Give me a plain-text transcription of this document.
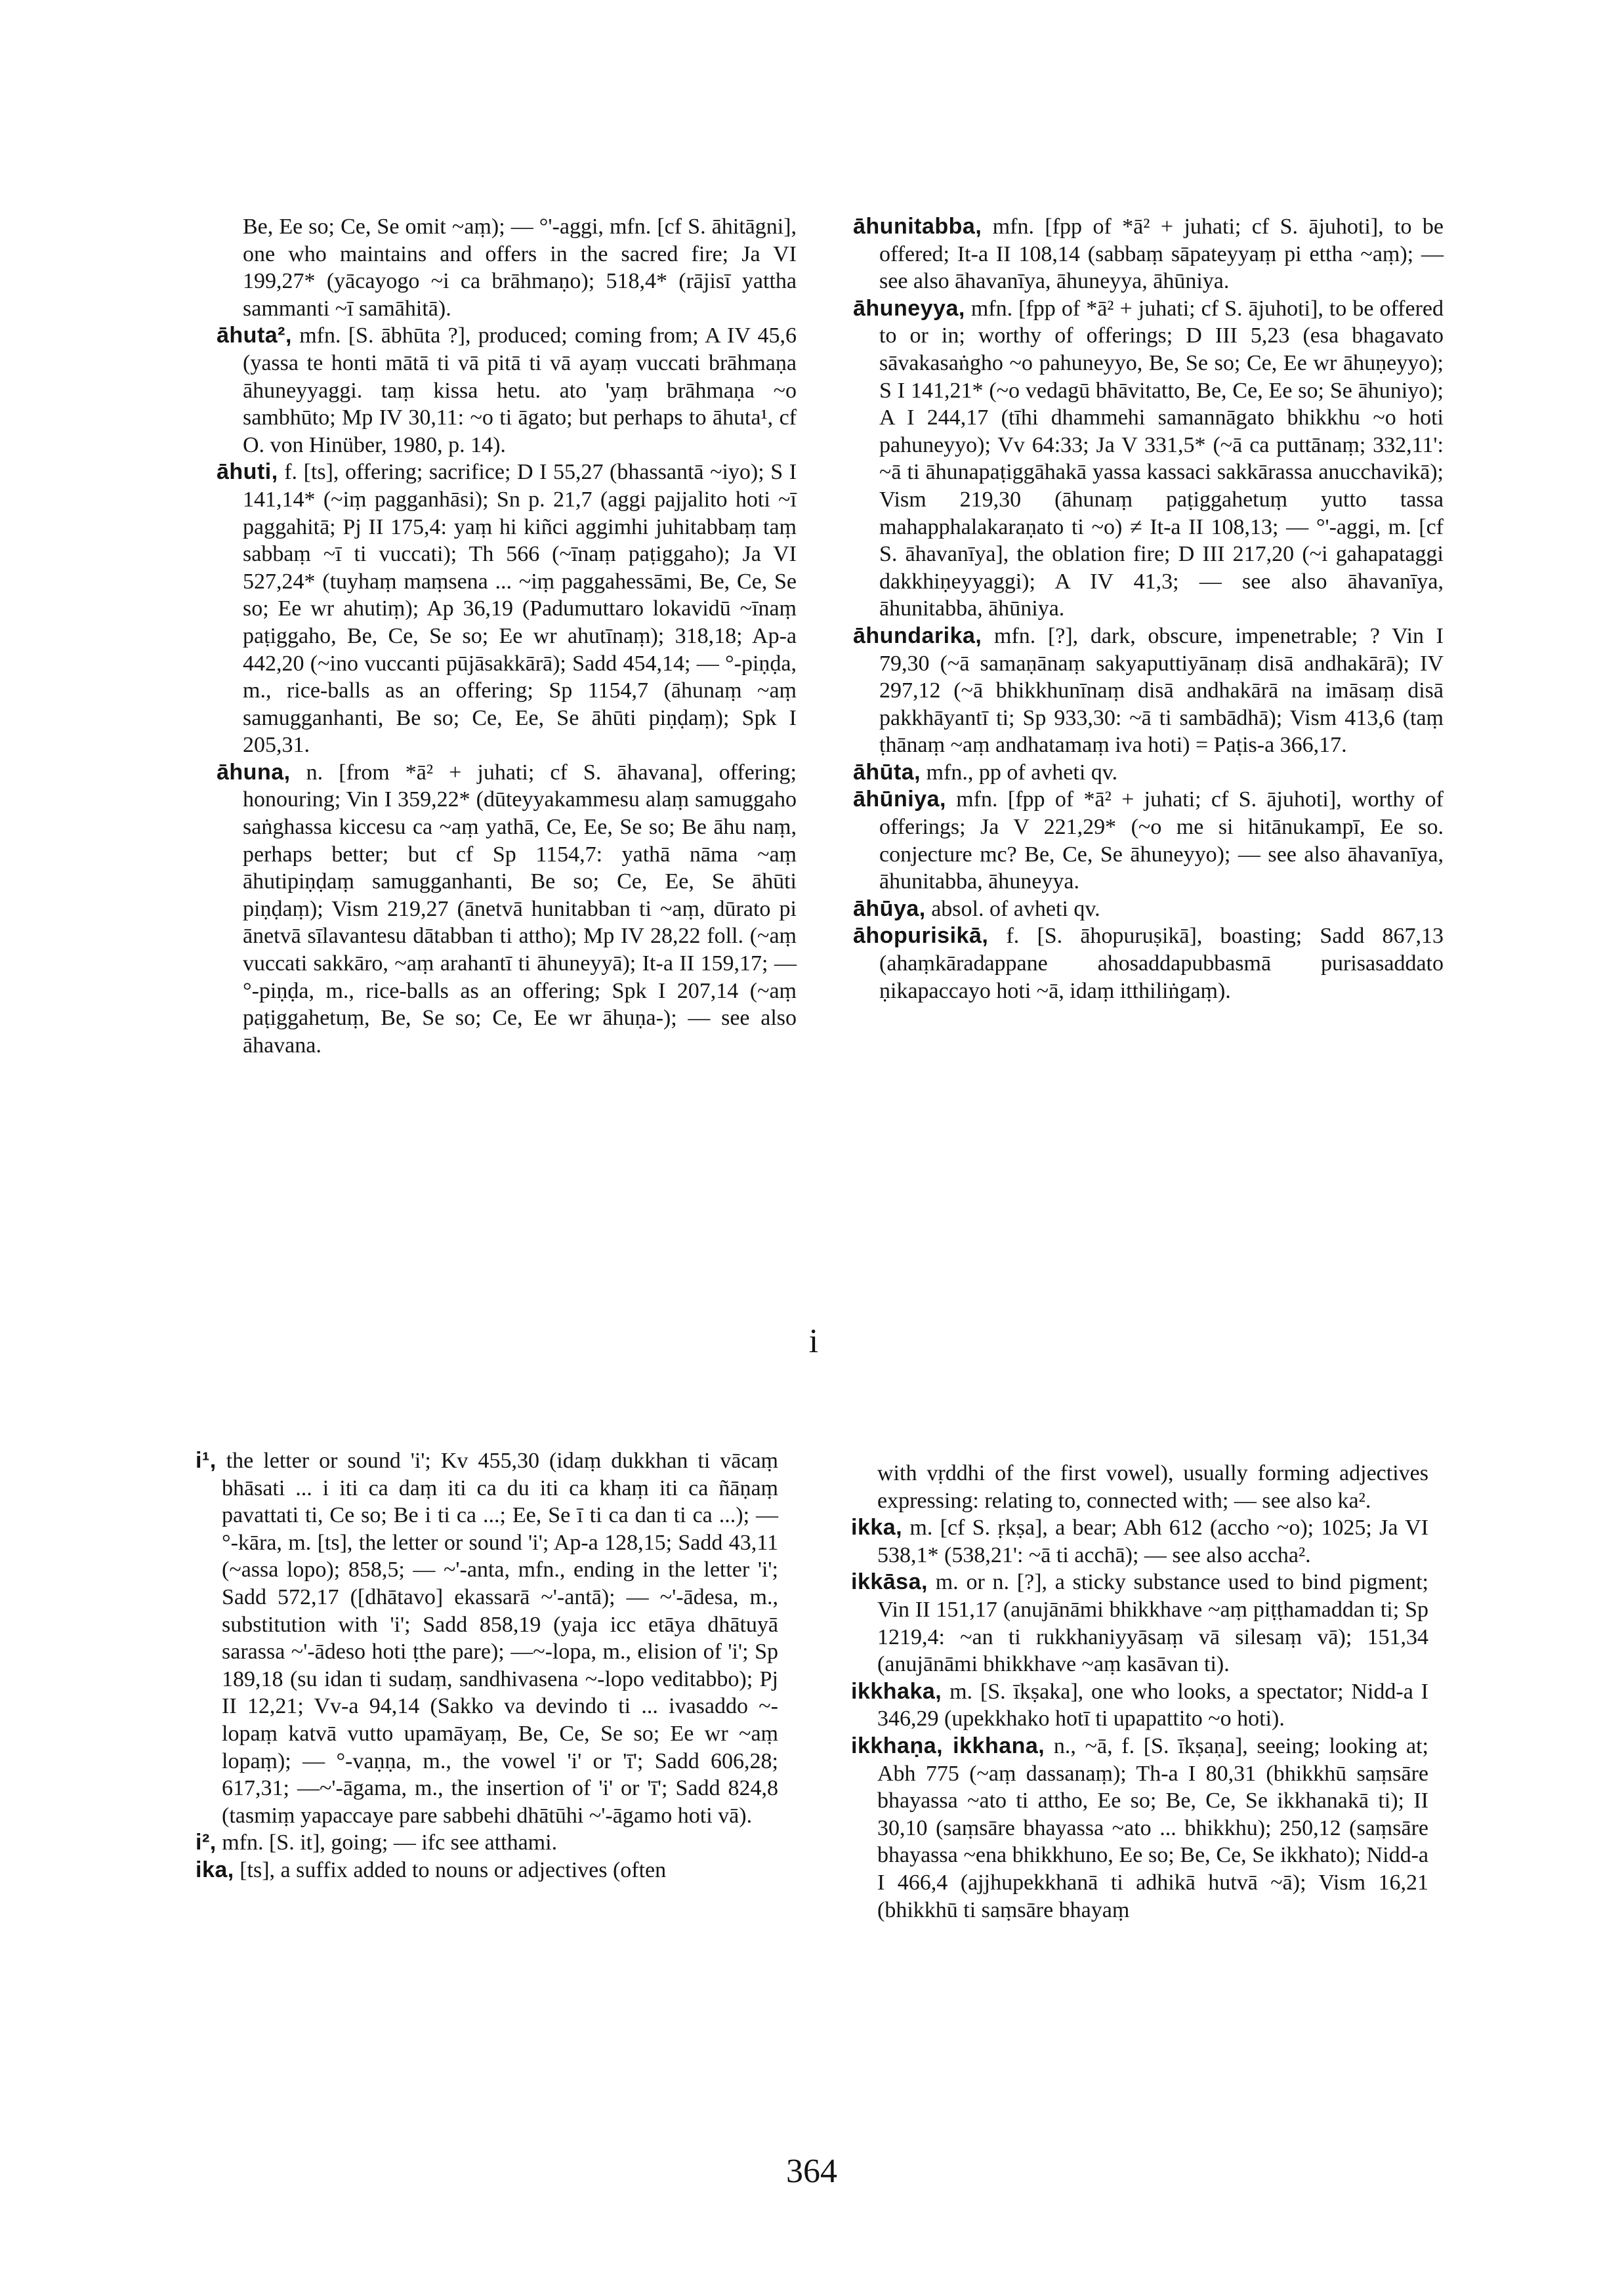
Be, Ee so; Ce, Se omit ~aṃ); — °'-aggi, mfn. [cf S. āhitāgni], one who maintains and offers in the sacred fire; Ja VI 199,27* (yācayogo ~i ca brāhmaṇo); 518,4* (rājisī yattha sammanti ~ī samāhitā).

āhuta², mfn. [S. ābhūta ?], produced; coming from; A IV 45,6 (yassa te honti mātā ti vā pitā ti vā ayaṃ vuccati brāhmaṇa āhuneyyaggi. taṃ kissa hetu. ato 'yaṃ brāhmaṇa ~o sambhūto; Mp IV 30,11: ~o ti āgato; but perhaps to āhuta¹, cf O. von Hinüber, 1980, p. 14).

āhuti, f. [ts], offering; sacrifice; D I 55,27 (bhassantā ~iyo); S I 141,14* (~iṃ pagganhāsi); Sn p. 21,7 (aggi pajjalito hoti ~ī paggahitā; Pj II 175,4: yaṃ hi kiñci aggimhi juhitabbaṃ taṃ sabbaṃ ~ī ti vuccati); Th 566 (~īnaṃ paṭiggaho); Ja VI 527,24* (tuyhaṃ maṃsena ... ~iṃ paggahessāmi, Be, Ce, Se so; Ee wr ahutiṃ); Ap 36,19 (Padumuttaro lokavidū ~īnaṃ paṭiggaho, Be, Ce, Se so; Ee wr ahutīnaṃ); 318,18; Ap-a 442,20 (~ino vuccanti pūjāsakkārā); Sadd 454,14; — °-piṇḍa, m., rice-balls as an offering; Sp 1154,7 (āhunaṃ ~aṃ samugganhanti, Be so; Ce, Ee, Se āhūti piṇḍaṃ); Spk I 205,31.

āhuna, n. [from *ā² + juhati; cf S. āhavana], offering; honouring; Vin I 359,22* (dūteyyakammesu alaṃ samuggaho saṅghassa kiccesu ca ~aṃ yathā, Ce, Ee, Se so; Be āhu naṃ, perhaps better; but cf Sp 1154,7: yathā nāma ~aṃ āhutipiṇḍaṃ samugganhanti, Be so; Ce, Ee, Se āhūti piṇḍaṃ); Vism 219,27 (ānetvā hunitabban ti ~aṃ, dūrato pi ānetvā sīlavantesu dātabban ti attho); Mp IV 28,22 foll. (~aṃ vuccati sakkāro, ~aṃ arahantī ti āhuneyyā); It-a II 159,17; — °-piṇḍa, m., rice-balls as an offering; Spk I 207,14 (~aṃ paṭiggahetuṃ, Be, Se so; Ce, Ee wr āhuṇa-); — see also āhavana.

āhunitabba, mfn. [fpp of *ā² + juhati; cf S. ājuhoti], to be offered; It-a II 108,14 (sabbaṃ sāpateyyaṃ pi ettha ~aṃ); — see also āhavanīya, āhuneyya, āhūniya.

āhuneyya, mfn. [fpp of *ā² + juhati; cf S. ājuhoti], to be offered to or in; worthy of offerings; D III 5,23 (esa bhagavato sāvakasaṅgho ~o pahuneyyo, Be, Se so; Ce, Ee wr āhuṇeyyo); S I 141,21* (~o vedagū bhāvitatto, Be, Ce, Ee so; Se āhuniyo); A I 244,17 (tīhi dhammehi samannāgato bhikkhu ~o hoti pahuneyyo); Vv 64:33; Ja V 331,5* (~ā ca puttānaṃ; 332,11': ~ā ti āhunapaṭiggāhakā yassa kassaci sakkārassa anucchavikā); Vism 219,30 (āhunaṃ paṭiggahetuṃ yutto tassa mahapphalakaraṇato ti ~o) ≠ It-a II 108,13; — °'-aggi, m. [cf S. āhavanīya], the oblation fire; D III 217,20 (~i gahapataggi dakkhiṇeyyaggi); A IV 41,3; — see also āhavanīya, āhunitabba, āhūniya.

āhundarika, mfn. [?], dark, obscure, impenetrable; ? Vin I 79,30 (~ā samaṇānaṃ sakyaputtiyānaṃ disā andhakārā); IV 297,12 (~ā bhikkhunīnaṃ disā andhakārā na imāsaṃ disā pakkhāyantī ti; Sp 933,30: ~ā ti sambādhā); Vism 413,6 (taṃ ṭhānaṃ ~aṃ andhatamaṃ iva hoti) = Paṭis-a 366,17.

āhūta, mfn., pp of avheti qv.

āhūniya, mfn. [fpp of *ā² + juhati; cf S. ājuhoti], worthy of offerings; Ja V 221,29* (~o me si hitānukampī, Ee so. conjecture mc? Be, Ce, Se āhuneyyo); — see also āhavanīya, āhunitabba, āhuneyya.

āhūya, absol. of avheti qv.

āhopurisikā, f. [S. āhopuruṣikā], boasting; Sadd 867,13 (ahaṃkāradappane ahosaddapubbasmā purisasaddato ṇikapaccayo hoti ~ā, idaṃ itthiliṅgaṃ).

i

i¹, the letter or sound 'i'; Kv 455,30 (idaṃ dukkhan ti vācaṃ bhāsati ... i iti ca daṃ iti ca du iti ca khaṃ iti ca ñāṇaṃ pavattati ti, Ce so; Be i ti ca ...; Ee, Se ī ti ca dan ti ca ...); — °-kāra, m. [ts], the letter or sound 'i'; Ap-a 128,15; Sadd 43,11 (~assa lopo); 858,5; — ~'-anta, mfn., ending in the letter 'i'; Sadd 572,17 ([dhātavo] ekassarā ~'-antā); — ~'-ādesa, m., substitution with 'i'; Sadd 858,19 (yaja icc etāya dhātuyā sarassa ~'-ādeso hoti ṭthe pare); —~-lopa, m., elision of 'i'; Sp 189,18 (su idan ti sudaṃ, sandhivasena ~-lopo veditabbo); Pj II 12,21; Vv-a 94,14 (Sakko va devindo ti ... ivasaddo ~-lopaṃ katvā vutto upamāyaṃ, Be, Ce, Se so; Ee wr ~aṃ lopaṃ); — °-vaṇṇa, m., the vowel 'i' or 'ī'; Sadd 606,28; 617,31; —~'-āgama, m., the insertion of 'i' or 'ī'; Sadd 824,8 (tasmiṃ yapaccaye pare sabbehi dhātūhi ~'-āgamo hoti vā).

i², mfn. [S. it], going; — ifc see atthami.

ika, [ts], a suffix added to nouns or adjectives (often

with vṛddhi of the first vowel), usually forming adjectives expressing: relating to, connected with; — see also ka².

ikka, m. [cf S. ṛkṣa], a bear; Abh 612 (accho ~o); 1025; Ja VI 538,1* (538,21': ~ā ti acchā); — see also accha².

ikkāsa, m. or n. [?], a sticky substance used to bind pigment; Vin II 151,17 (anujānāmi bhikkhave ~aṃ piṭṭhamaddan ti; Sp 1219,4: ~an ti rukkhaniyyāsaṃ vā silesaṃ vā); 151,34 (anujānāmi bhikkhave ~aṃ kasāvan ti).

ikkhaka, m. [S. īkṣaka], one who looks, a spectator; Nidd-a I 346,29 (upekkhako hotī ti upapattito ~o hoti).

ikkhaṇa, ikkhana, n., ~ā, f. [S. īkṣaṇa], seeing; looking at; Abh 775 (~aṃ dassanaṃ); Th-a I 80,31 (bhikkhū saṃsāre bhayassa ~ato ti attho, Ee so; Be, Ce, Se ikkhanakā ti); II 30,10 (saṃsāre bhayassa ~ato ... bhikkhu); 250,12 (saṃsāre bhayassa ~ena bhikkhuno, Ee so; Be, Ce, Se ikkhato); Nidd-a I 466,4 (ajjhupekkhanā ti adhikā hutvā ~ā); Vism 16,21 (bhikkhū ti saṃsāre bhayaṃ

364
